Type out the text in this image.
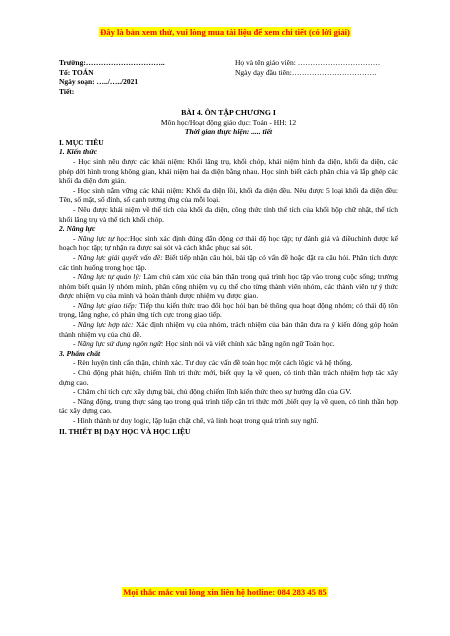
Đây là bản xem thử, vui lòng mua tài liệu để xem chi tiết (có lời giải)
Trường:…………………………..
Tổ: TOÁN
Ngày soạn: …../…../2021
Tiết:
Họ và tên giáo viên: ……………………………
Ngày dạy đầu tiên:…………………………….
BÀI 4. ÔN TẬP CHƯƠNG I
Môn học/Hoạt động giáo dục: Toán - HH: 12
Thời gian thực hiện: ..... tiết
I. MỤC TIÊU
1. Kiến thức

- Học sinh nêu được các khái niệm: Khối lăng trụ, khối chóp, khái niệm hình đa diện, khối đa diện, các phép dời hình trong không gian, khái niệm hai đa diện bằng nhau. Học sinh biết cách phân chia và lắp ghép các khối đa diện đơn giản.

- Học sinh nắm vững các khái niệm: Khối đa diện lồi, khối đa diện đều. Nêu được 5 loại khối đa diện đều: Tên, số mặt, số đỉnh, số cạnh tương ứng của mỗi loại.

- Nêu được khái niệm về thể tích của khối đa diện, công thức tính thể tích của khối hộp chữ nhật, thể tích khối lăng trụ và thể tích khối chóp.

2. Năng lực

- Năng lực tự học:Học sinh xác định đúng đắn động cơ thái độ học tập; tự đánh giá và điềuchỉnh được kế hoạch học tập; tự nhận ra được sai sót và cách khắc phục sai sót.

- Năng lực giải quyết vấn đề: Biết tiếp nhận câu hỏi, bài tập có vấn đề hoặc đặt ra câu hỏi. Phân tích được các tình huống trong học tập.

- Năng lực tự quản lý: Làm chủ cảm xúc của bản thân trong quá trình học tập vào trong cuộc sống; trưởng nhóm biết quản lý nhóm mình, phân công nhiệm vụ cụ thể cho từng thành viên nhóm, các thành viên tự ý thức được nhiệm vụ của mình và hoàn thành được nhiệm vụ được giao.

- Năng lực giao tiếp: Tiếp thu kiến thức trao đổi học hỏi bạn bè thông qua hoạt động nhóm; có thái độ tôn trọng, lắng nghe, có phản ứng tích cực trong giao tiếp.

- Năng lực hợp tác: Xác định nhiệm vụ của nhóm, trách nhiệm của bản thân đưa ra ý kiến đóng góp hoàn thành nhiệm vụ của chủ đề.

- Năng lực sử dụng ngôn ngữ: Học sinh nói và viết chính xác bằng ngôn ngữ Toán học.

3. Phẩm chất

- Rèn luyện tính cẩn thận, chính xác. Tư duy các vấn đề toán học một cách lôgic và hệ thống.

- Chủ động phát hiện, chiếm lĩnh tri thức mới, biết quy lạ về quen, có tinh thần trách nhiệm hợp tác xây dựng cao.

- Chăm chỉ tích cực xây dựng bài, chủ động chiếm lĩnh kiến thức theo sự hướng dẫn của GV.

- Năng động, trung thực sáng tạo trong quá trình tiếp cận tri thức mới ,biết quy lạ về quen, có tinh thần hợp tác xây dựng cao.

- Hình thành tư duy logic, lập luận chặt chẽ, và linh hoạt trong quá trình suy nghĩ.

II. THIẾT BỊ DẠY HỌC VÀ HỌC LIỆU
Mọi thắc mắc vui lòng xin liên hệ hotline: 084 283 45 85
